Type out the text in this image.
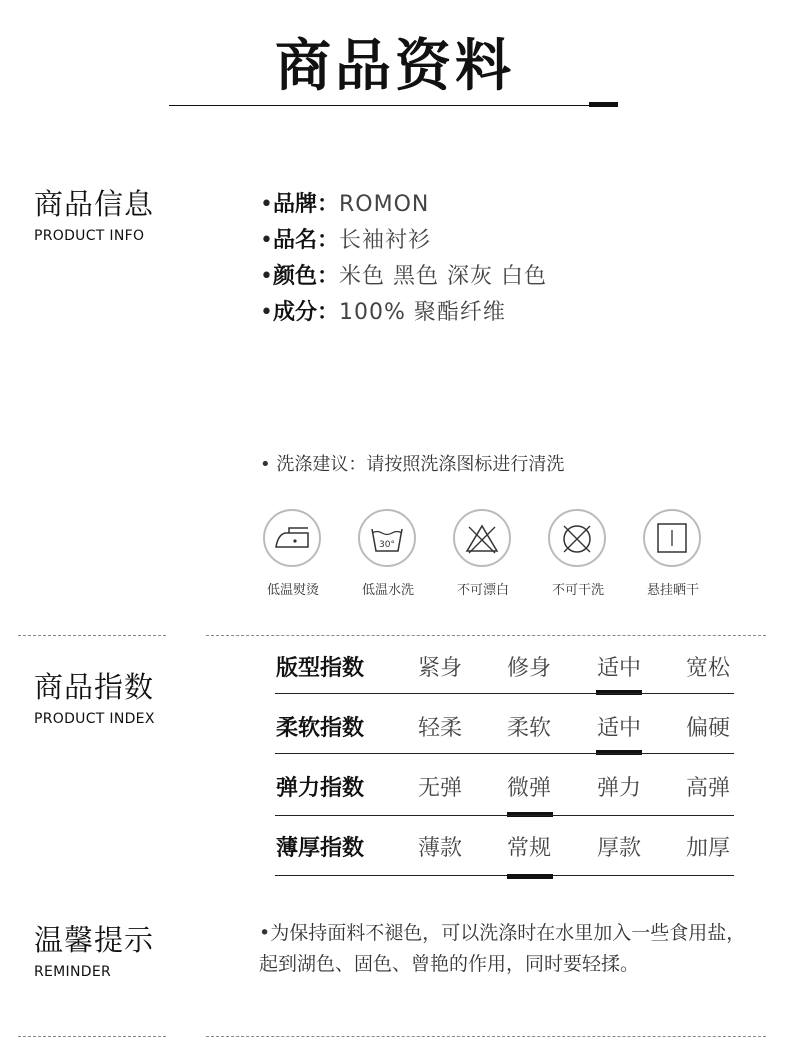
商品资料
商品信息
PRODUCT INFO
•品牌：ROMON
•品名：长袖衬衫
•颜色：米色 黑色 深灰 白色
•成分：100% 聚酯纤维
• 洗涤建议：请按照洗涤图标进行清洗
30°
低温熨烫	低温水洗	不可漂白	不可干洗	悬挂晒干
商品指数
PRODUCT INDEX
版型指数	紧身	修身	适中	宽松
柔软指数	轻柔	柔软	适中	偏硬
弹力指数	无弹	微弹	弹力	高弹
薄厚指数	薄款	常规	厚款	加厚
温馨提示
REMINDER
•为保持面料不褪色，可以洗涤时在水里加入一些食用盐，起到湖色、固色、曾艳的作用，同时要轻揉。
